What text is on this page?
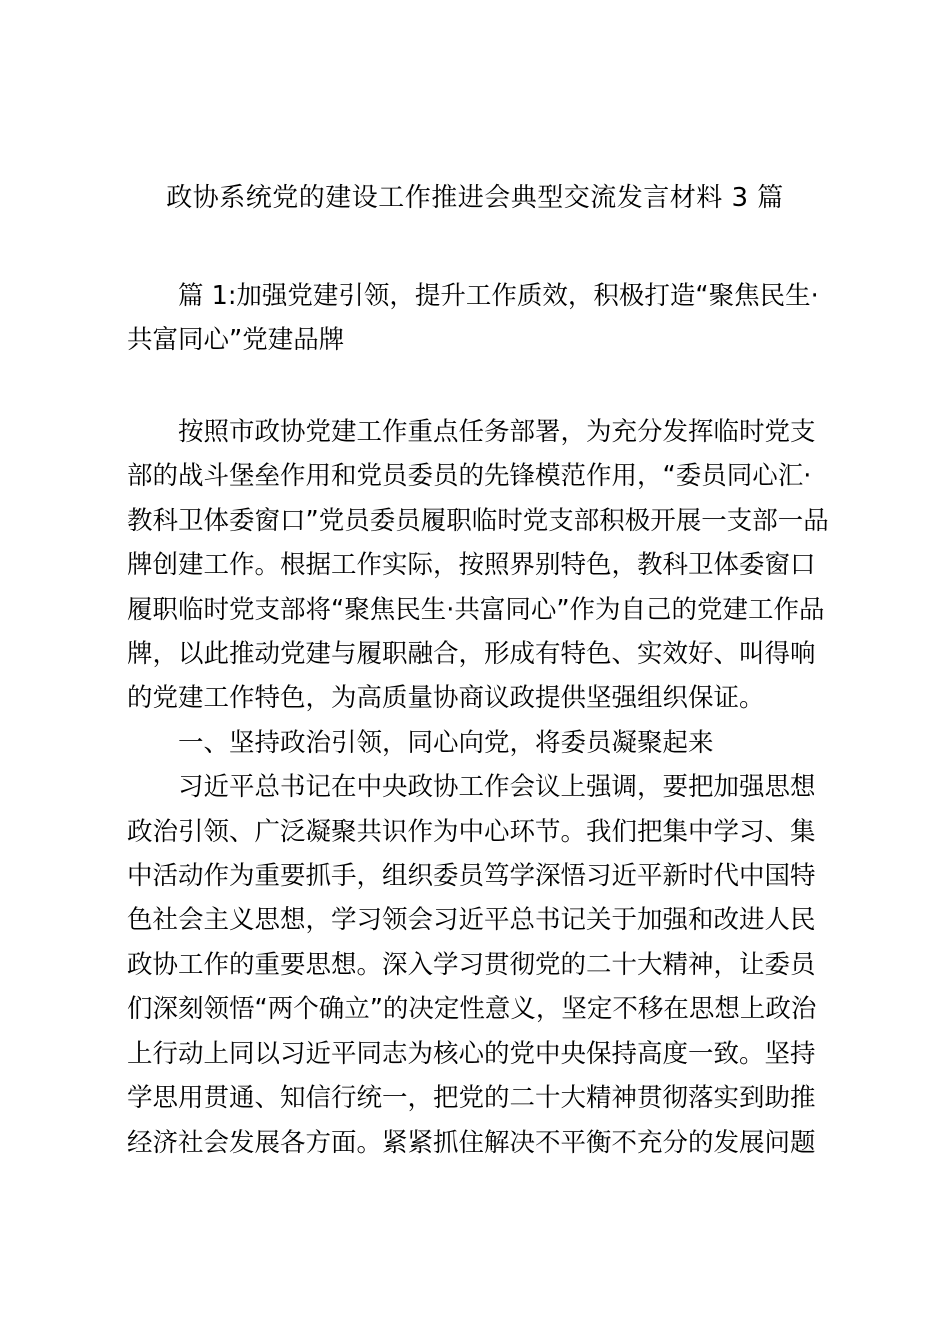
政协系统党的建设工作推进会典型交流发言材料 3 篇
篇 1:加强党建引领，提升工作质效，积极打造“聚焦民生·
共富同心”党建品牌
按照市政协党建工作重点任务部署，为充分发挥临时党支
部的战斗堡垒作用和党员委员的先锋模范作用，“委员同心汇·
教科卫体委窗口”党员委员履职临时党支部积极开展一支部一品
牌创建工作。根据工作实际，按照界别特色，教科卫体委窗口
履职临时党支部将“聚焦民生·共富同心”作为自己的党建工作品
牌，以此推动党建与履职融合，形成有特色、实效好、叫得响
的党建工作特色，为高质量协商议政提供坚强组织保证。
一、坚持政治引领，同心向党，将委员凝聚起来
习近平总书记在中央政协工作会议上强调，要把加强思想
政治引领、广泛凝聚共识作为中心环节。我们把集中学习、集
中活动作为重要抓手，组织委员笃学深悟习近平新时代中国特
色社会主义思想，学习领会习近平总书记关于加强和改进人民
政协工作的重要思想。深入学习贯彻党的二十大精神，让委员
们深刻领悟“两个确立”的决定性意义，坚定不移在思想上政治
上行动上同以习近平同志为核心的党中央保持高度一致。坚持
学思用贯通、知信行统一，把党的二十大精神贯彻落实到助推
经济社会发展各方面。紧紧抓住解决不平衡不充分的发展问题
